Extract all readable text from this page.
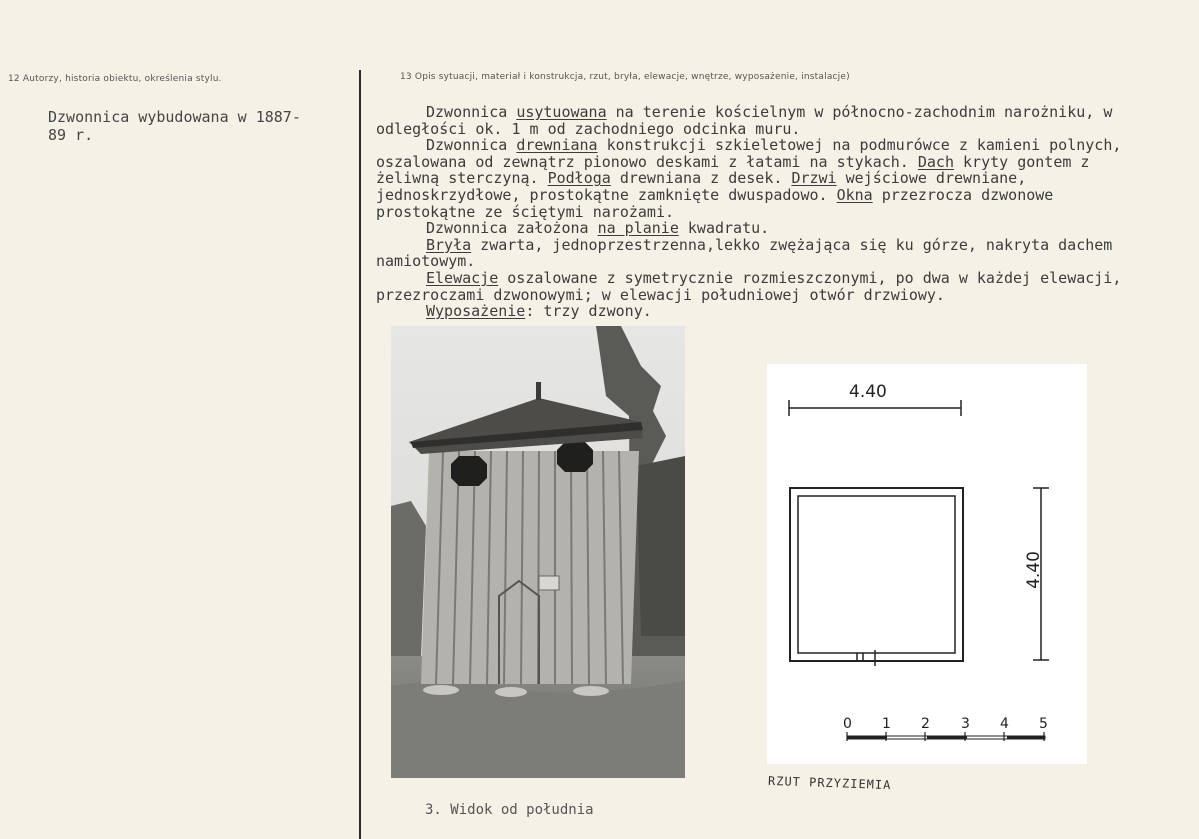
12 Autorzy, historia obiektu, określenia stylu.	13 Opis sytuacji, materiał i konstrukcja, rzut, bryła, elewacje, wnętrze, wyposażenie, instalacje)
Dzwonnica wybudowana w 1887-
89 r.
Dzwonnica usytuowana na terenie kościelnym w północno-zachodnim narożniku, w odległości ok. 1 m od zachodniego odcinka muru.
Dzwonnica drewniana konstrukcji szkieletowej na podmurówce z kamieni polnych, oszalowana od zewnątrz pionowo deskami z łatami na stykach. Dach kryty gontem z żeliwną sterczyną. Podłoga drewniana z desek. Drzwi wejściowe drewniane, jednoskrzydłowe, prostokątne zamknięte dwuspadowo. Okna przezrocza dzwonowe prostokątne ze ściętymi narożami.
Dzwonnica założona na planie kwadratu.
Bryła zwarta, jednoprzestrzenna,lekko zwężająca się ku górze, nakryta dachem namiotowym.
Elewacje oszalowane z symetrycznie rozmieszczonymi, po dwa w każdej elewacji, przezroczami dzwonowymi; w elewacji południowej otwór drzwiowy.
Wyposażenie: trzy dzwony.
3. Widok od południa
4.40
4.40
0 1 2 3 4 5
RZUT PRZYZIEMIA
